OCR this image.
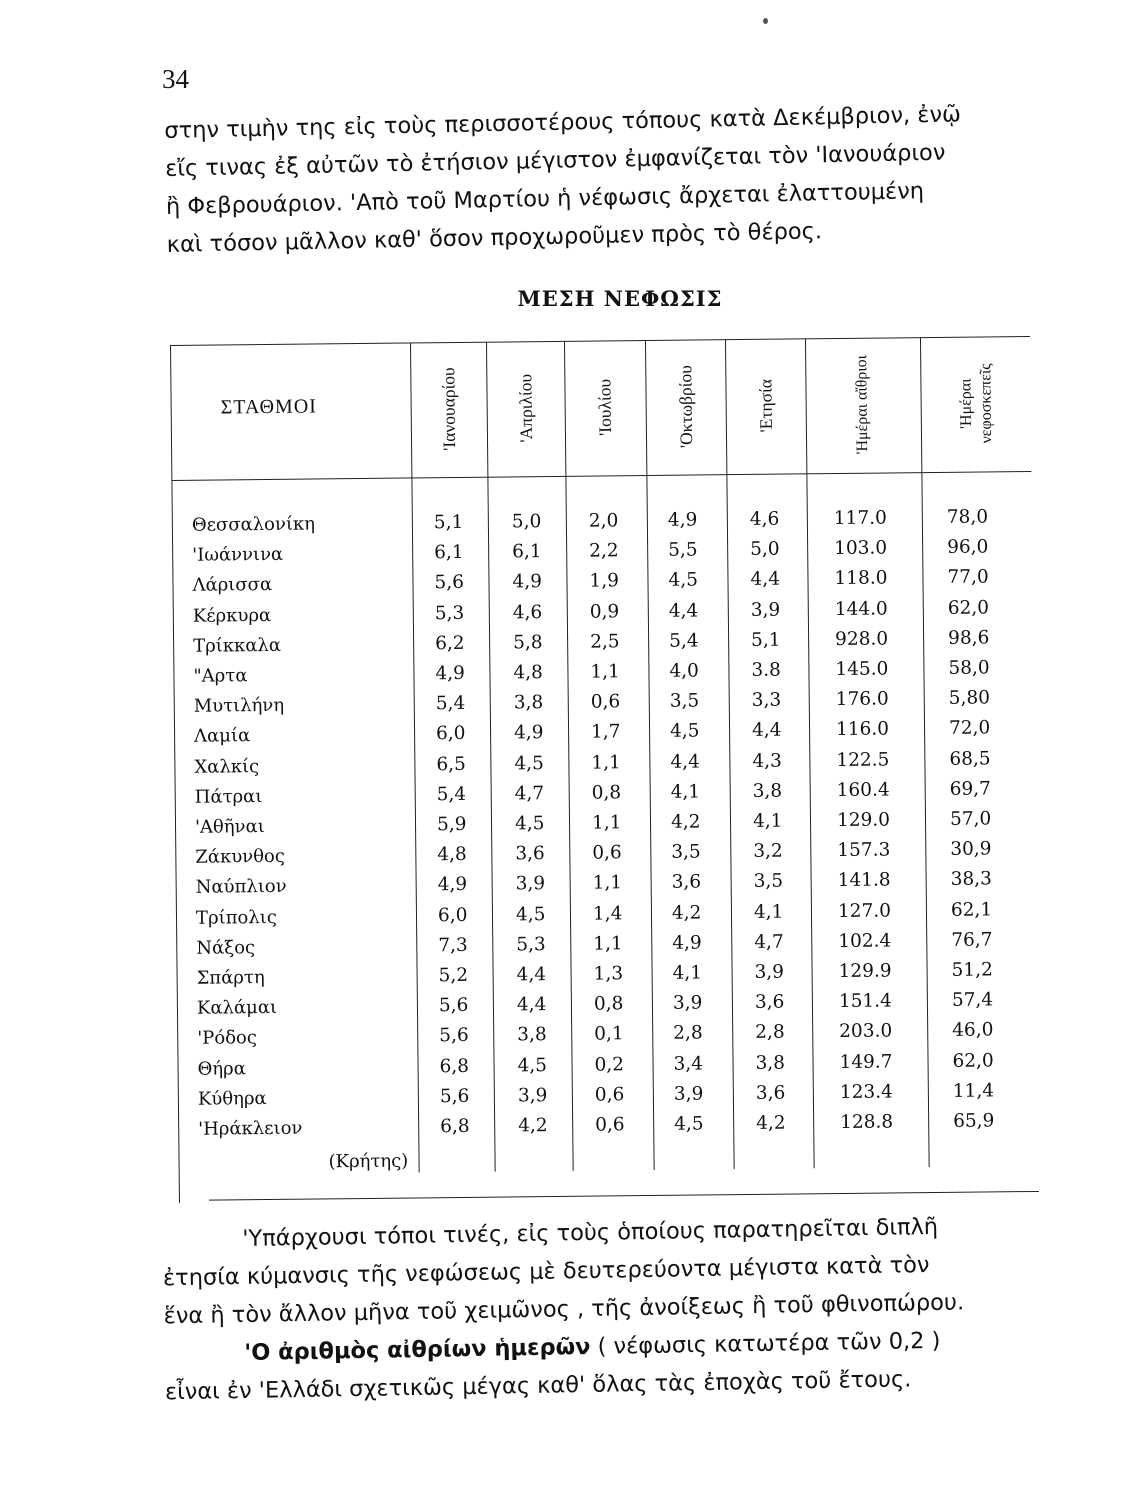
34

στην τιμὴν της εἰς τοὺς περισσοτέρους τόπους κατὰ Δεκέμβριον, ἐνῷ

εἴς τινας ἐξ αὐτῶν τὸ ἐτήσιον μέγιστον ἐμφανίζεται τὸν 'Ιανουάριον

ἢ Φεβρουάριον. 'Απὸ τοῦ Μαρτίου ἡ νέφωσις ἄρχεται ἐλαττουμένη

καὶ τόσον μᾶλλον καθ' ὅσον προχωροῦμεν πρὸς τὸ θέρος.

ΜΕΣΗ ΝΕΦΩΣΙΣ
ΣΤΑΘΜΟΙ	'Ιανουαρίου	'Απριλίου	'Ιουλίου	'Οκτωβρίου	'Ετησία	'Ημέραι αἴθριοι	'Ημέραι νεφοσκεπεῖς
Θεσσαλονίκη	5,1	5,0	2,0	4,9	4,6	117.0	78,0
'Ιωάννινα	6,1	6,1	2,2	5,5	5,0	103.0	96,0
Λάρισσα	5,6	4,9	1,9	4,5	4,4	118.0	77,0
Κέρκυρα	5,3	4,6	0,9	4,4	3,9	144.0	62,0
Τρίκκαλα	6,2	5,8	2,5	5,4	5,1	928.0	98,6
"Αρτα	4,9	4,8	1,1	4,0	3.8	145.0	58,0
Μυτιλήνη	5,4	3,8	0,6	3,5	3,3	176.0	5,80
Λαμία	6,0	4,9	1,7	4,5	4,4	116.0	72,0
Χαλκίς	6,5	4,5	1,1	4,4	4,3	122.5	68,5
Πάτραι	5,4	4,7	0,8	4,1	3,8	160.4	69,7
'Αθῆναι	5,9	4,5	1,1	4,2	4,1	129.0	57,0
Ζάκυνθος	4,8	3,6	0,6	3,5	3,2	157.3	30,9
Ναύπλιον	4,9	3,9	1,1	3,6	3,5	141.8	38,3
Τρίπολις	6,0	4,5	1,4	4,2	4,1	127.0	62,1
Νάξος	7,3	5,3	1,1	4,9	4,7	102.4	76,7
Σπάρτη	5,2	4,4	1,3	4,1	3,9	129.9	51,2
Καλάμαι	5,6	4,4	0,8	3,9	3,6	151.4	57,4
'Ρόδος	5,6	3,8	0,1	2,8	2,8	203.0	46,0
Θήρα	6,8	4,5	0,2	3,4	3,8	149.7	62,0
Κύθηρα	5,6	3,9	0,6	3,9	3,6	123.4	11,4
'Ηράκλειον	6,8	4,2	0,6	4,5	4,2	128.8	65,9
(Κρήτης)

'Υπάρχουσι τόποι τινές, εἰς τοὺς ὁποίους παρατηρεῖται διπλῆ

ἐτησία κύμανσις τῆς νεφώσεως μὲ δευτερεύοντα μέγιστα κατὰ τὸν

ἕνα ἢ τὸν ἄλλον μῆνα τοῦ χειμῶνος , τῆς ἀνοίξεως ἢ τοῦ φθινοπώρου.

'Ο ἀριθμὸς αἰθρίων ἡμερῶν ( νέφωσις κατωτέρα τῶν 0,2 )

εἶναι ἐν 'Ελλάδι σχετικῶς μέγας καθ' ὅλας τὰς ἐποχὰς τοῦ ἔτους.
